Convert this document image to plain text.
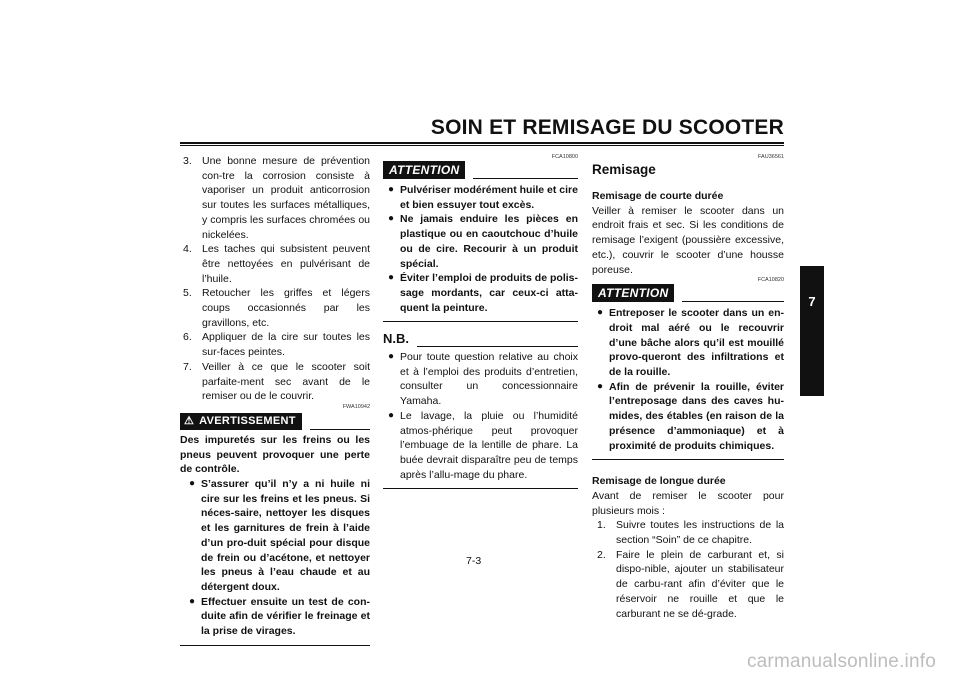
SOIN ET REMISAGE DU SCOOTER
3. Une bonne mesure de prévention con-tre la corrosion consiste à vaporiser un produit anticorrosion sur toutes les surfaces métalliques, y compris les surfaces chromées ou nickelées.
4. Les taches qui subsistent peuvent être nettoyées en pulvérisant de l’huile.
5. Retoucher les griffes et légers coups occasionnés par les gravillons, etc.
6. Appliquer de la cire sur toutes les sur-faces peintes.
7. Veiller à ce que le scooter soit parfaite-ment sec avant de le remiser ou de le couvrir.
FWA10942
⚠ AVERTISSEMENT
Des impuretés sur les freins ou les pneus peuvent provoquer une perte de contrôle.
● S’assurer qu’il n’y a ni huile ni cire sur les freins et les pneus. Si néces-saire, nettoyer les disques et les garnitures de frein à l’aide d’un pro-duit spécial pour disque de frein ou d’acétone, et nettoyer les pneus à l’eau chaude et au détergent doux.
● Effectuer ensuite un test de con-duite afin de vérifier le freinage et la prise de virages.
FCA10800
ATTENTION
● Pulvériser modérément huile et cire et bien essuyer tout excès.
● Ne jamais enduire les pièces en plastique ou en caoutchouc d’huile ou de cire. Recourir à un produit spécial.
● Éviter l’emploi de produits de polis-sage mordants, car ceux-ci atta-quent la peinture.
N.B.
● Pour toute question relative au choix et à l’emploi des produits d’entretien, consulter un concessionnaire Yamaha.
● Le lavage, la pluie ou l’humidité atmos-phérique peut provoquer l’embuage de la lentille de phare. La buée devrait disparaître peu de temps après l’allu-mage du phare.
FAU36561
Remisage
Remisage de courte durée
Veiller à remiser le scooter dans un endroit frais et sec. Si les conditions de remisage l’exigent (poussière excessive, etc.), couvrir le scooter d’une housse poreuse.
FCA10820
ATTENTION
● Entreposer le scooter dans un en-droit mal aéré ou le recouvrir d’une bâche alors qu’il est mouillé provo-queront des infiltrations et de la rouille.
● Afin de prévenir la rouille, éviter l’entreposage dans des caves hu-mides, des étables (en raison de la présence d’ammoniaque) et à proximité de produits chimiques.
Remisage de longue durée
Avant de remiser le scooter pour plusieurs mois :
1. Suivre toutes les instructions de la section “Soin” de ce chapitre.
2. Faire le plein de carburant et, si dispo-nible, ajouter un stabilisateur de carbu-rant afin d’éviter que le réservoir ne rouille et que le carburant ne se dé-grade.
7
7-3
carmanualsonline.info
